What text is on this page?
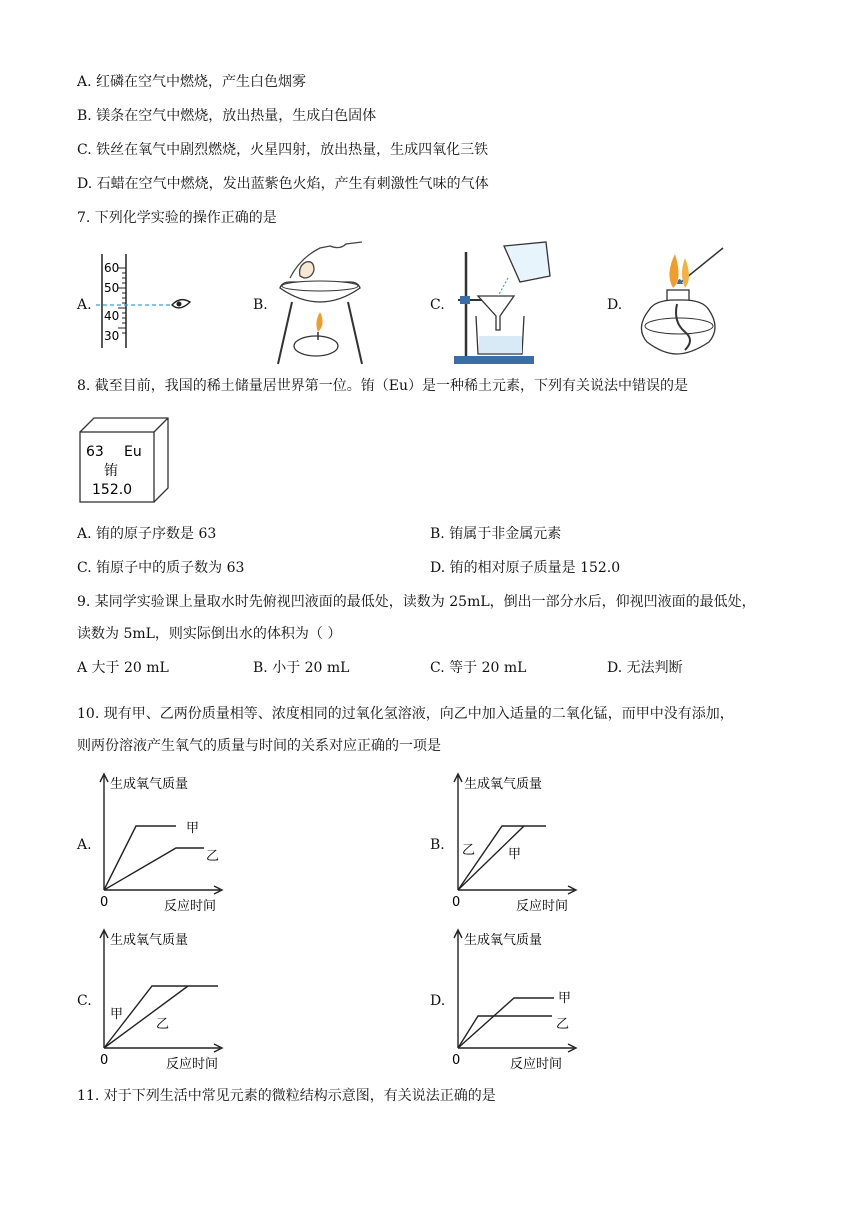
A. 红磷在空气中燃烧，产生白色烟雾
B. 镁条在空气中燃烧，放出热量，生成白色固体
C. 铁丝在氧气中剧烈燃烧，火星四射，放出热量，生成四氧化三铁
D. 石蜡在空气中燃烧，发出蓝紫色火焰，产生有刺激性气味的气体
7. 下列化学实验的操作正确的是
A.
60
50
40
30
B.	C.	D.
8. 截至目前，我国的稀土储量居世界第一位。铕（Eu）是一种稀土元素，下列有关说法中错误的是
63 Eu
铕
152.0
A. 铕的原子序数是 63	B. 铕属于非金属元素
C. 铕原子中的质子数为 63	D. 铕的相对原子质量是 152.0
9. 某同学实验课上量取水时先俯视凹液面的最低处，读数为 25mL，倒出一部分水后，仰视凹液面的最低处，
读数为 5mL，则实际倒出水的体积为（ ）
A 大于 20 mL	B. 小于 20 mL	C. 等于 20 mL	D. 无法判断
10. 现有甲、乙两份质量相等、浓度相同的过氧化氢溶液，向乙中加入适量的二氧化锰，而甲中没有添加，
则两份溶液产生氧气的质量与时间的关系对应正确的一项是
A.
生成氧气质量
0	反应时间
甲
乙
B.
生成氧气质量
0	反应时间
乙	甲
C.
生成氧气质量
0	反应时间
甲
乙
D.
生成氧气质量
0	反应时间
甲
乙
11. 对于下列生活中常见元素的微粒结构示意图，有关说法正确的是
